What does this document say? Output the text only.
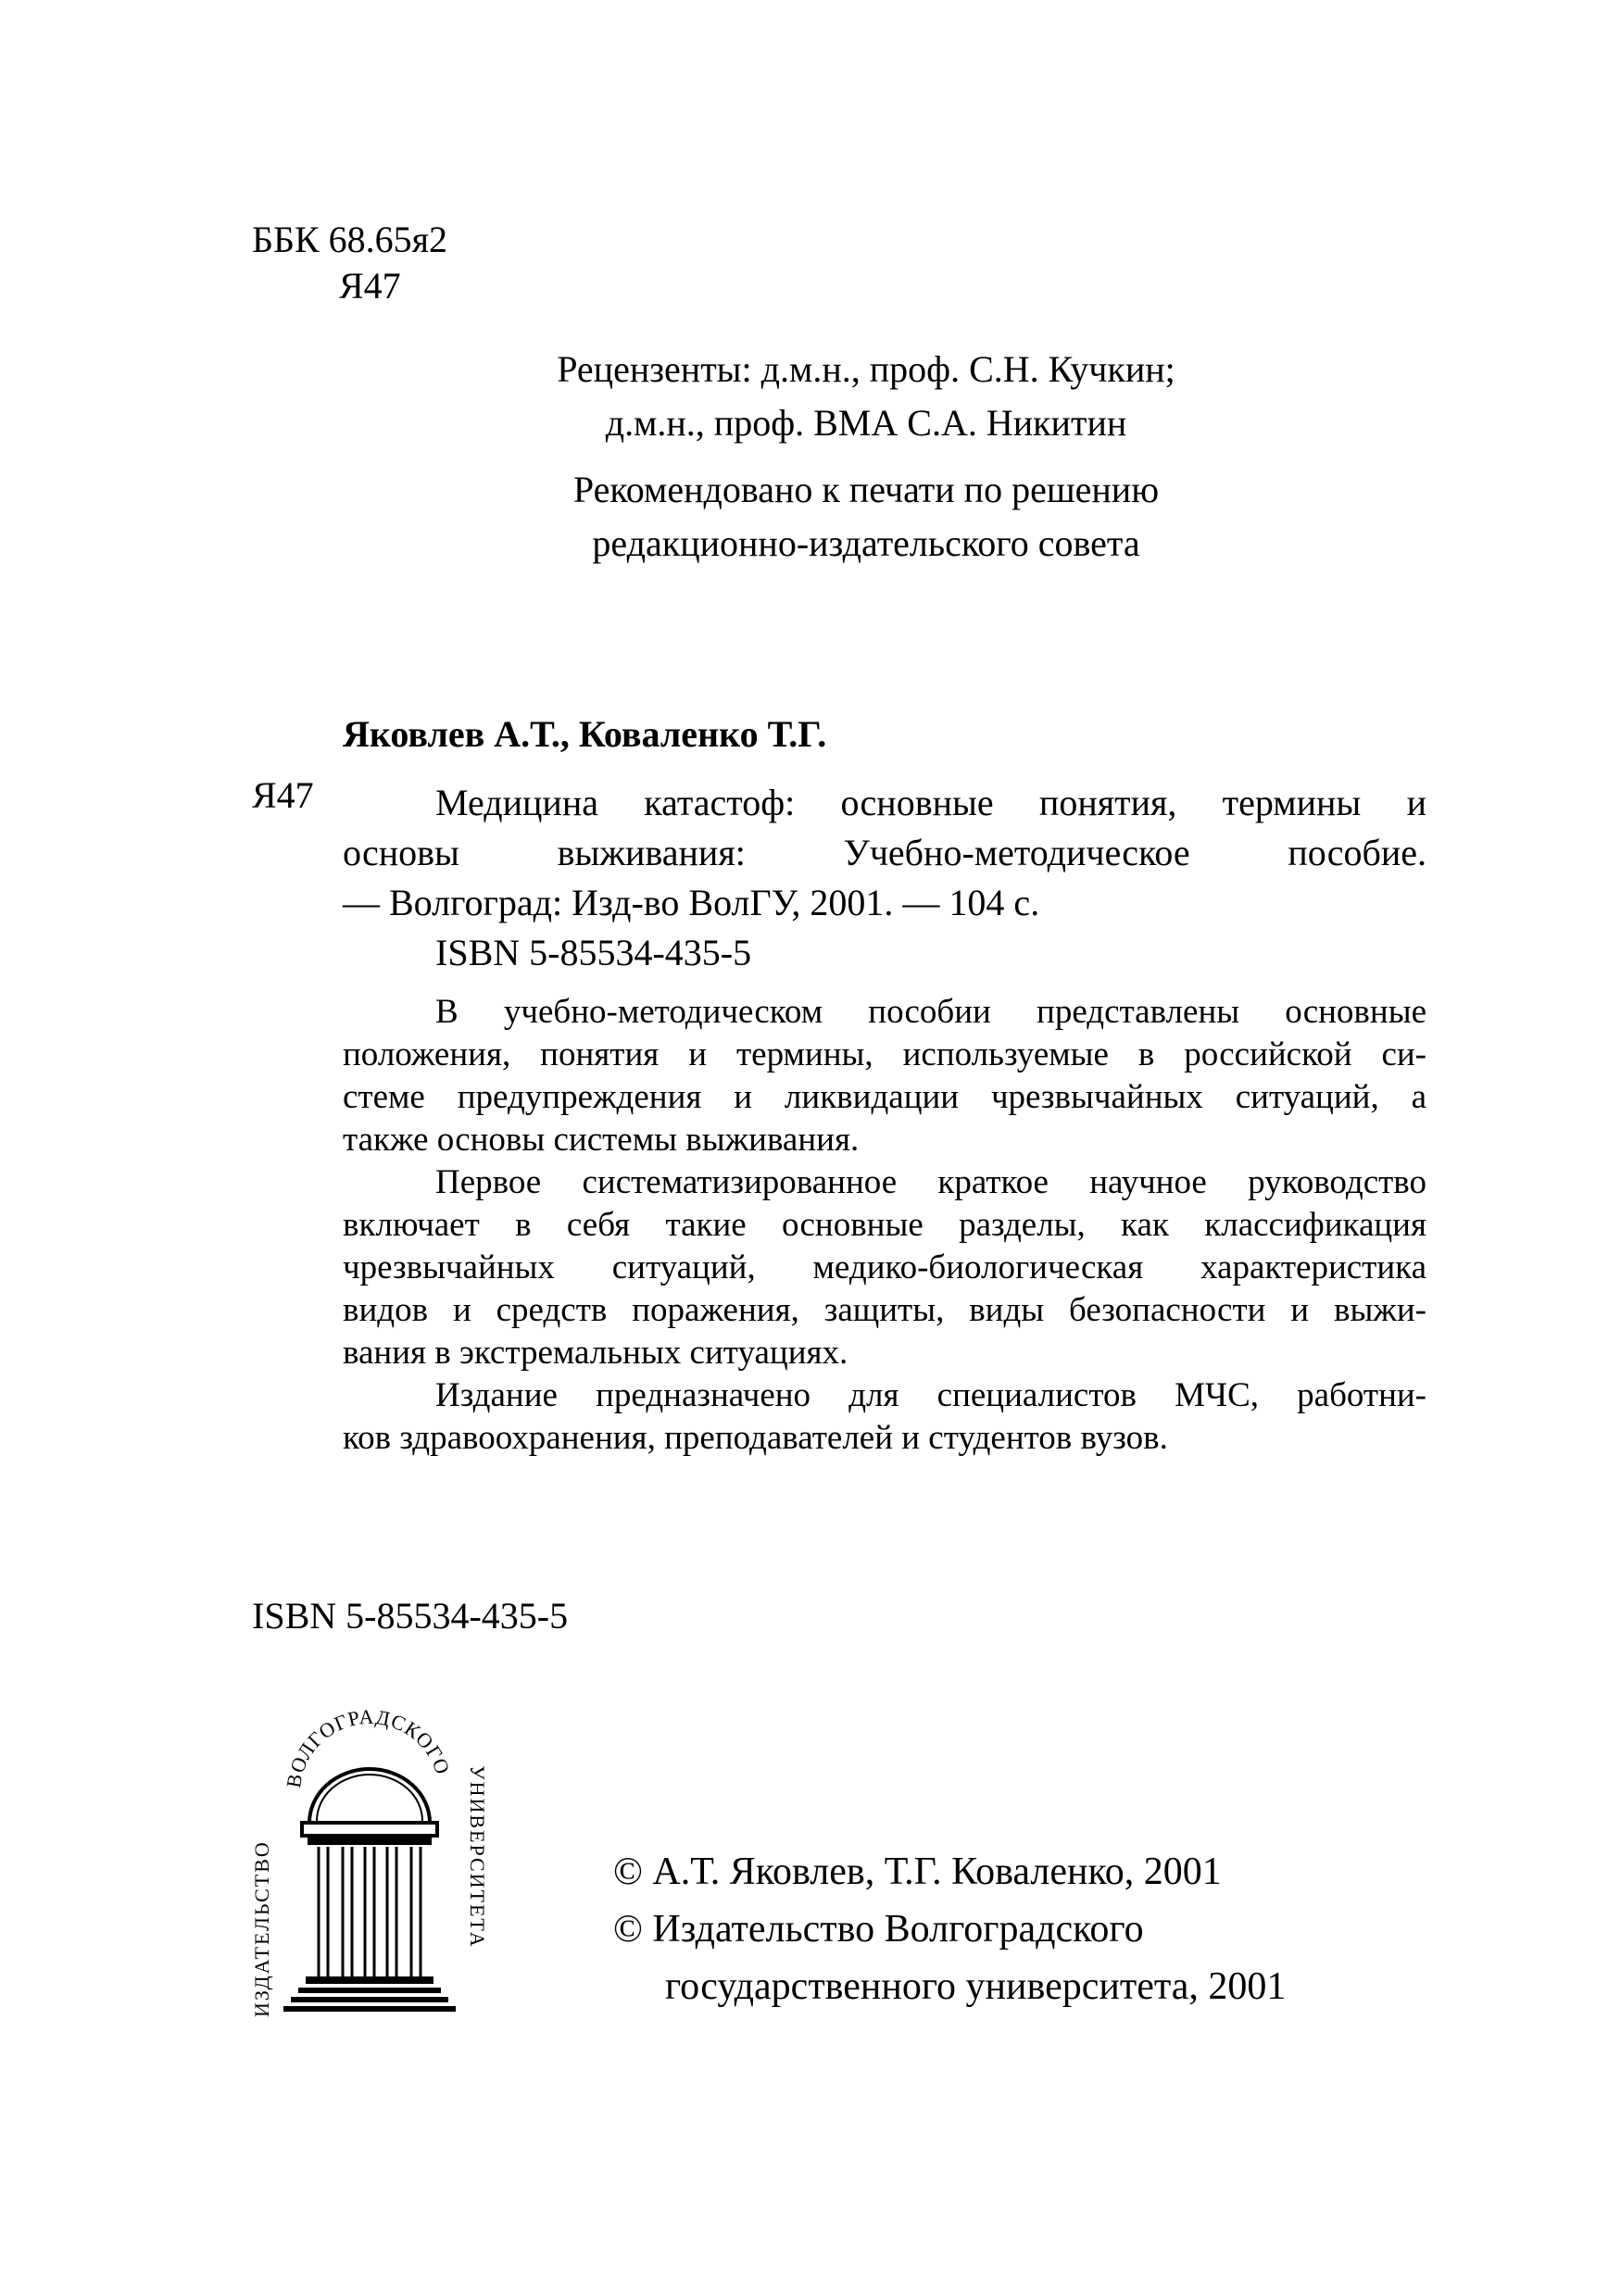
ББК 68.65я2
Я47
Рецензенты: д.м.н., проф. С.Н. Кучкин;
д.м.н., проф. ВМА С.А. Никитин
Рекомендовано к печати по решению
редакционно-издательского совета
Яковлев А.Т., Коваленко Т.Г.
Я47	Медицина катастоф: основные понятия, термины и
основы выживания: Учебно-методическое пособие.
— Волгоград: Изд-во ВолГУ, 2001. — 104 с.
ISBN 5-85534-435-5
В учебно-методическом пособии представлены основные
положения, понятия и термины, используемые в российской си-
стеме предупреждения и ликвидации чрезвычайных ситуаций, а
также основы системы выживания.
Первое систематизированное краткое научное руководство
включает в себя такие основные разделы, как классификация
чрезвычайных ситуаций, медико-биологическая характеристика
видов и средств поражения, защиты, виды безопасности и выжи-
вания в экстремальных ситуациях.
Издание предназначено для специалистов МЧС, работни-
ков здравоохранения, преподавателей и студентов вузов.
ISBN 5-85534-435-5
ИЗДАТЕЛЬСТВО	УНИВЕРСИТЕТА
ВОЛГОГРАДСКОГО
© А.Т. Яковлев, Т.Г. Коваленко, 2001
© Издательство Волгоградского
государственного университета, 2001
